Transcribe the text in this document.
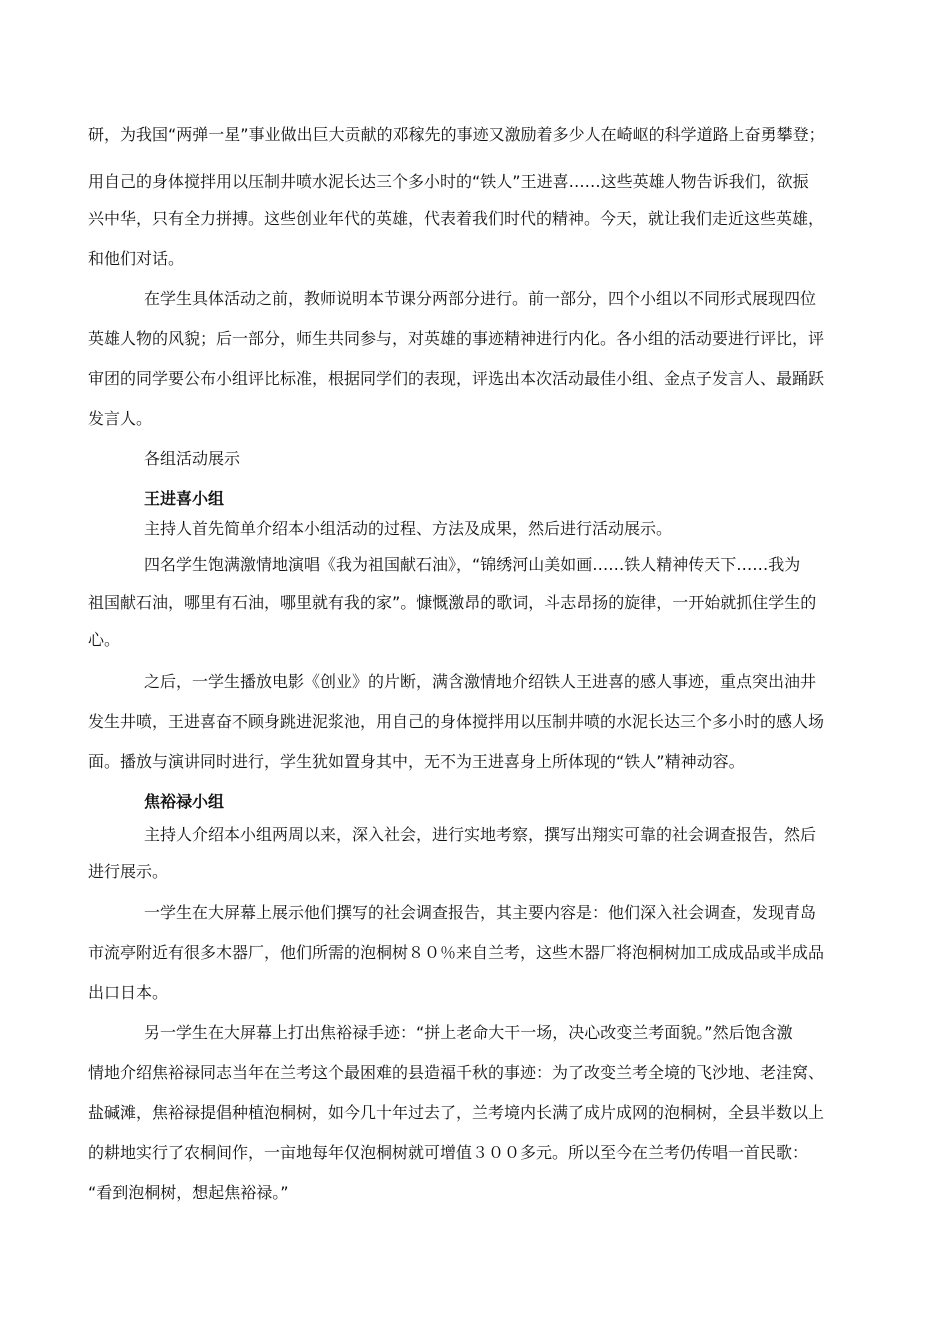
研，为我国“两弹一星”事业做出巨大贡献的邓稼先的事迹又激励着多少人在崎岖的科学道路上奋勇攀登；
用自己的身体搅拌用以压制井喷水泥长达三个多小时的“铁人”王进喜……这些英雄人物告诉我们，欲振
兴中华，只有全力拼搏。这些创业年代的英雄，代表着我们时代的精神。今天，就让我们走近这些英雄，
和他们对话。
在学生具体活动之前，教师说明本节课分两部分进行。前一部分，四个小组以不同形式展现四位
英雄人物的风貌；后一部分，师生共同参与，对英雄的事迹精神进行内化。各小组的活动要进行评比，评
审团的同学要公布小组评比标准，根据同学们的表现，评选出本次活动最佳小组、金点子发言人、最踊跃
发言人。
各组活动展示
王进喜小组
主持人首先简单介绍本小组活动的过程、方法及成果，然后进行活动展示。
四名学生饱满激情地演唱《我为祖国献石油》，“锦绣河山美如画……铁人精神传天下……我为
祖国献石油，哪里有石油，哪里就有我的家”。慷慨激昂的歌词，斗志昂扬的旋律，一开始就抓住学生的
心。
之后，一学生播放电影《创业》的片断，满含激情地介绍铁人王进喜的感人事迹，重点突出油井
发生井喷，王进喜奋不顾身跳进泥浆池，用自己的身体搅拌用以压制井喷的水泥长达三个多小时的感人场
面。播放与演讲同时进行，学生犹如置身其中，无不为王进喜身上所体现的“铁人”精神动容。
焦裕禄小组
主持人介绍本小组两周以来，深入社会，进行实地考察，撰写出翔实可靠的社会调查报告，然后
进行展示。
一学生在大屏幕上展示他们撰写的社会调查报告，其主要内容是：他们深入社会调查，发现青岛
市流亭附近有很多木器厂，他们所需的泡桐树８０％来自兰考，这些木器厂将泡桐树加工成成品或半成品
出口日本。
另一学生在大屏幕上打出焦裕禄手迹：“拼上老命大干一场，决心改变兰考面貌。”然后饱含激
情地介绍焦裕禄同志当年在兰考这个最困难的县造福千秋的事迹：为了改变兰考全境的飞沙地、老洼窝、
盐碱滩，焦裕禄提倡种植泡桐树，如今几十年过去了，兰考境内长满了成片成网的泡桐树，全县半数以上
的耕地实行了农桐间作，一亩地每年仅泡桐树就可增值３００多元。所以至今在兰考仍传唱一首民歌：
“看到泡桐树，想起焦裕禄。”
